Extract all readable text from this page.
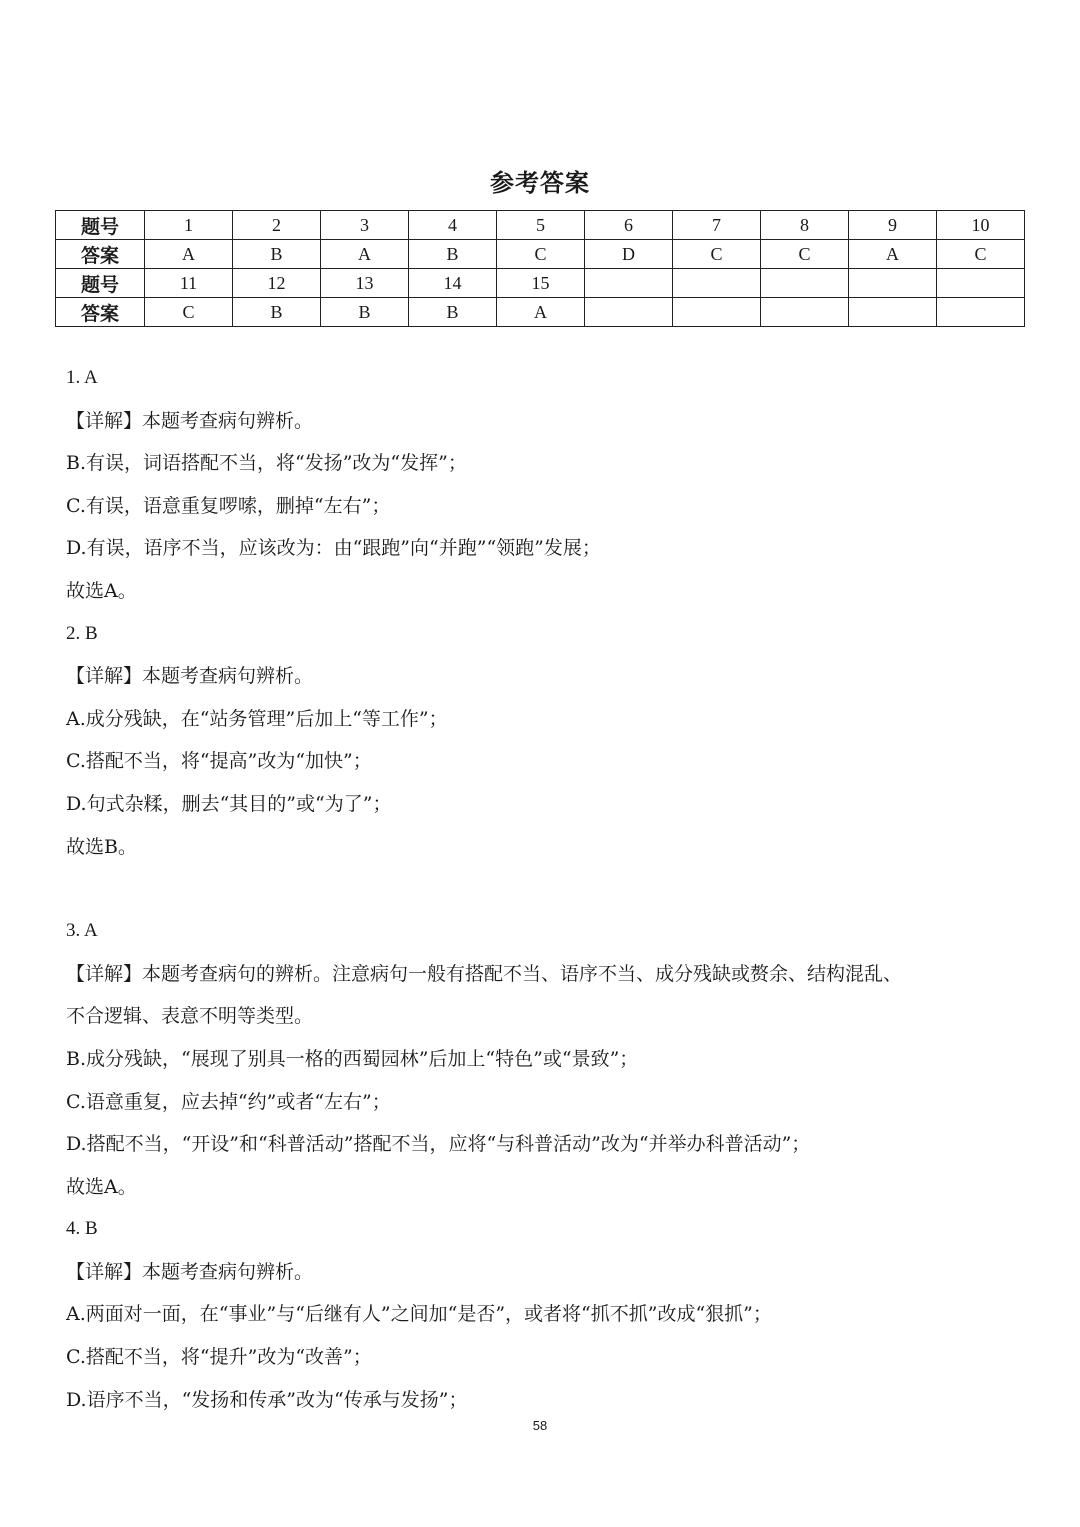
参考答案
题号	1	2	3	4	5	6	7	8	9	10
答案	A	B	A	B	C	D	C	C	A	C
题号	11	12	13	14	15					
答案	C	B	B	B	A					
1. A
【详解】本题考查病句辨析。
B.有误，词语搭配不当，将“发扬”改为“发挥”；
C.有误，语意重复啰嗦，删掉“左右”；
D.有误，语序不当，应该改为：由“跟跑”向“并跑”“领跑”发展；
故选A。
2. B
【详解】本题考查病句辨析。
A.成分残缺，在“站务管理”后加上“等工作”；
C.搭配不当，将“提高”改为“加快”；
D.句式杂糅，删去“其目的”或“为了”；
故选B。
3. A
【详解】本题考查病句的辨析。注意病句一般有搭配不当、语序不当、成分残缺或赘余、结构混乱、
不合逻辑、表意不明等类型。
B.成分残缺，“展现了别具一格的西蜀园林”后加上“特色”或“景致”；
C.语意重复，应去掉“约”或者“左右”；
D.搭配不当，“开设”和“科普活动”搭配不当，应将“与科普活动”改为“并举办科普活动”；
故选A。
4. B
【详解】本题考查病句辨析。
A.两面对一面，在“事业”与“后继有人”之间加“是否”，或者将“抓不抓”改成“狠抓”；
C.搭配不当，将“提升”改为“改善”；
D.语序不当，“发扬和传承”改为“传承与发扬”；
58
